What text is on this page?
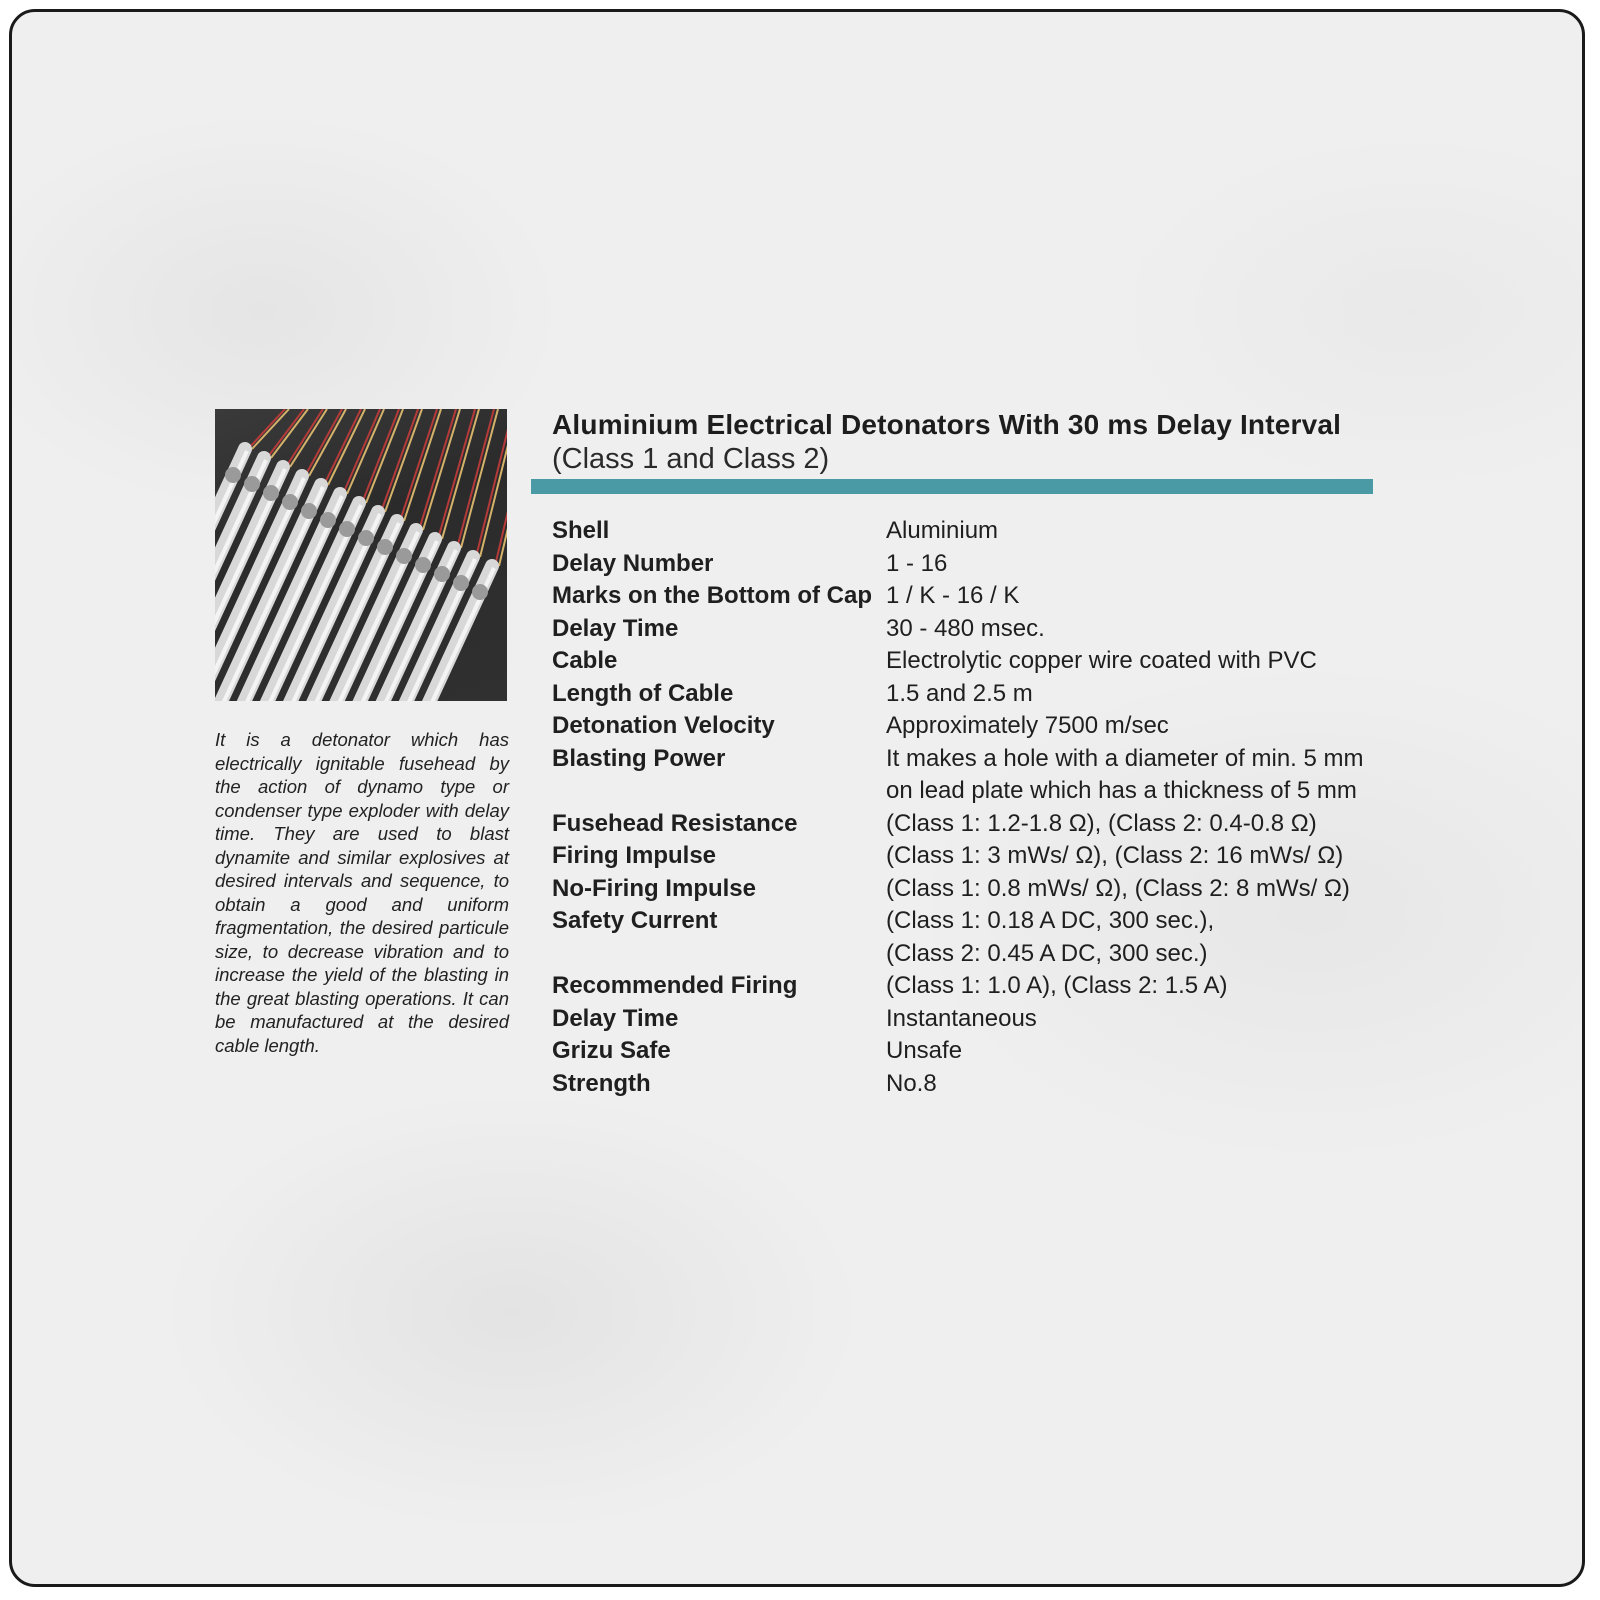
It is a detonator which has electrically ignitable fusehead by the action of dynamo type or condenser type exploder with delay time. They are used to blast dynamite and similar explosives at desired intervals and sequence, to obtain a good and uniform fragmentation, the desired particule size, to decrease vibration and to increase the yield of the blasting in the great blasting operations. It can be manufactured at the desired cable length.
Aluminium Electrical Detonators With 30 ms Delay Interval
(Class 1 and Class 2)
Shell	Aluminium
Delay Number	1 - 16
Marks on the Bottom of Cap 1 / K - 16 / K
Delay Time	30 - 480 msec.
Cable	Electrolytic copper wire coated with PVC
Length of Cable	1.5 and 2.5 m
Detonation Velocity	Approximately 7500 m/sec
Blasting Power	It makes a hole with a diameter of min. 5 mm
on lead plate which has a thickness of 5 mm
Fusehead Resistance	(Class 1: 1.2-1.8 Ω), (Class 2: 0.4-0.8 Ω)
Firing Impulse	(Class 1: 3 mWs/ Ω), (Class 2: 16 mWs/ Ω)
No-Firing Impulse	(Class 1: 0.8 mWs/ Ω), (Class 2: 8 mWs/ Ω)
Safety Current	(Class 1: 0.18 A DC, 300 sec.),
(Class 2: 0.45 A DC, 300 sec.)
Recommended Firing	(Class 1: 1.0 A), (Class 2: 1.5 A)
Delay Time	Instantaneous
Grizu Safe	Unsafe
Strength	No.8
